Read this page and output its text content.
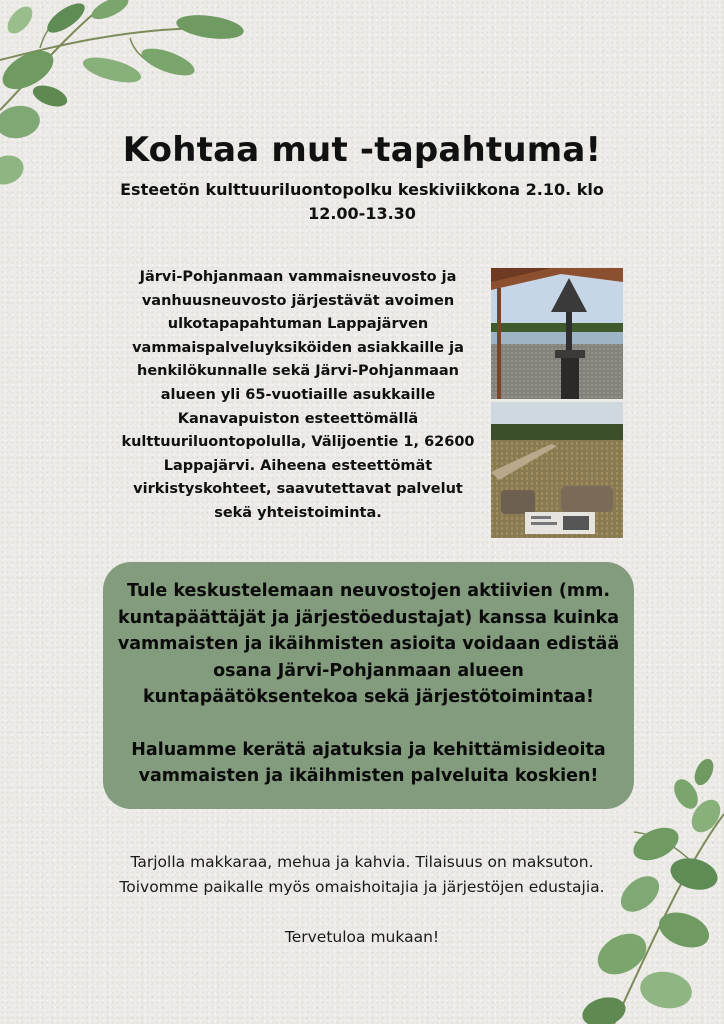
Kohtaa mut -tapahtuma!
Esteetön kulttuuriluontopolku keskiviikkona 2.10. klo 12.00-13.30
Järvi-Pohjanmaan vammaisneuvosto ja vanhuusneuvosto järjestävät avoimen ulkotapapahtuman Lappajärven vammaispalveluyksiköiden asiakkaille ja henkilökunnalle sekä Järvi-Pohjanmaan alueen yli 65-vuotiaille asukkaille Kanavapuiston esteettömällä kulttuuriluontopolulla, Välijoentie 1, 62600 Lappajärvi. Aiheena esteettömät virkistyskohteet, saavutettavat palvelut sekä yhteistoiminta.

Tule keskustelemaan neuvostojen aktiivien (mm. kuntapäättäjät ja järjestöedustajat) kanssa kuinka vammaisten ja ikäihmisten asioita voidaan edistää osana Järvi-Pohjanmaan alueen kuntapäätöksentekoa sekä järjestötoimintaa!

Haluamme kerätä ajatuksia ja kehittämisideoita vammaisten ja ikäihmisten palveluita koskien!

Tarjolla makkaraa, mehua ja kahvia. Tilaisuus on maksuton.

Toivomme paikalle myös omaishoitajia ja järjestöjen edustajia.

Tervetuloa mukaan!
